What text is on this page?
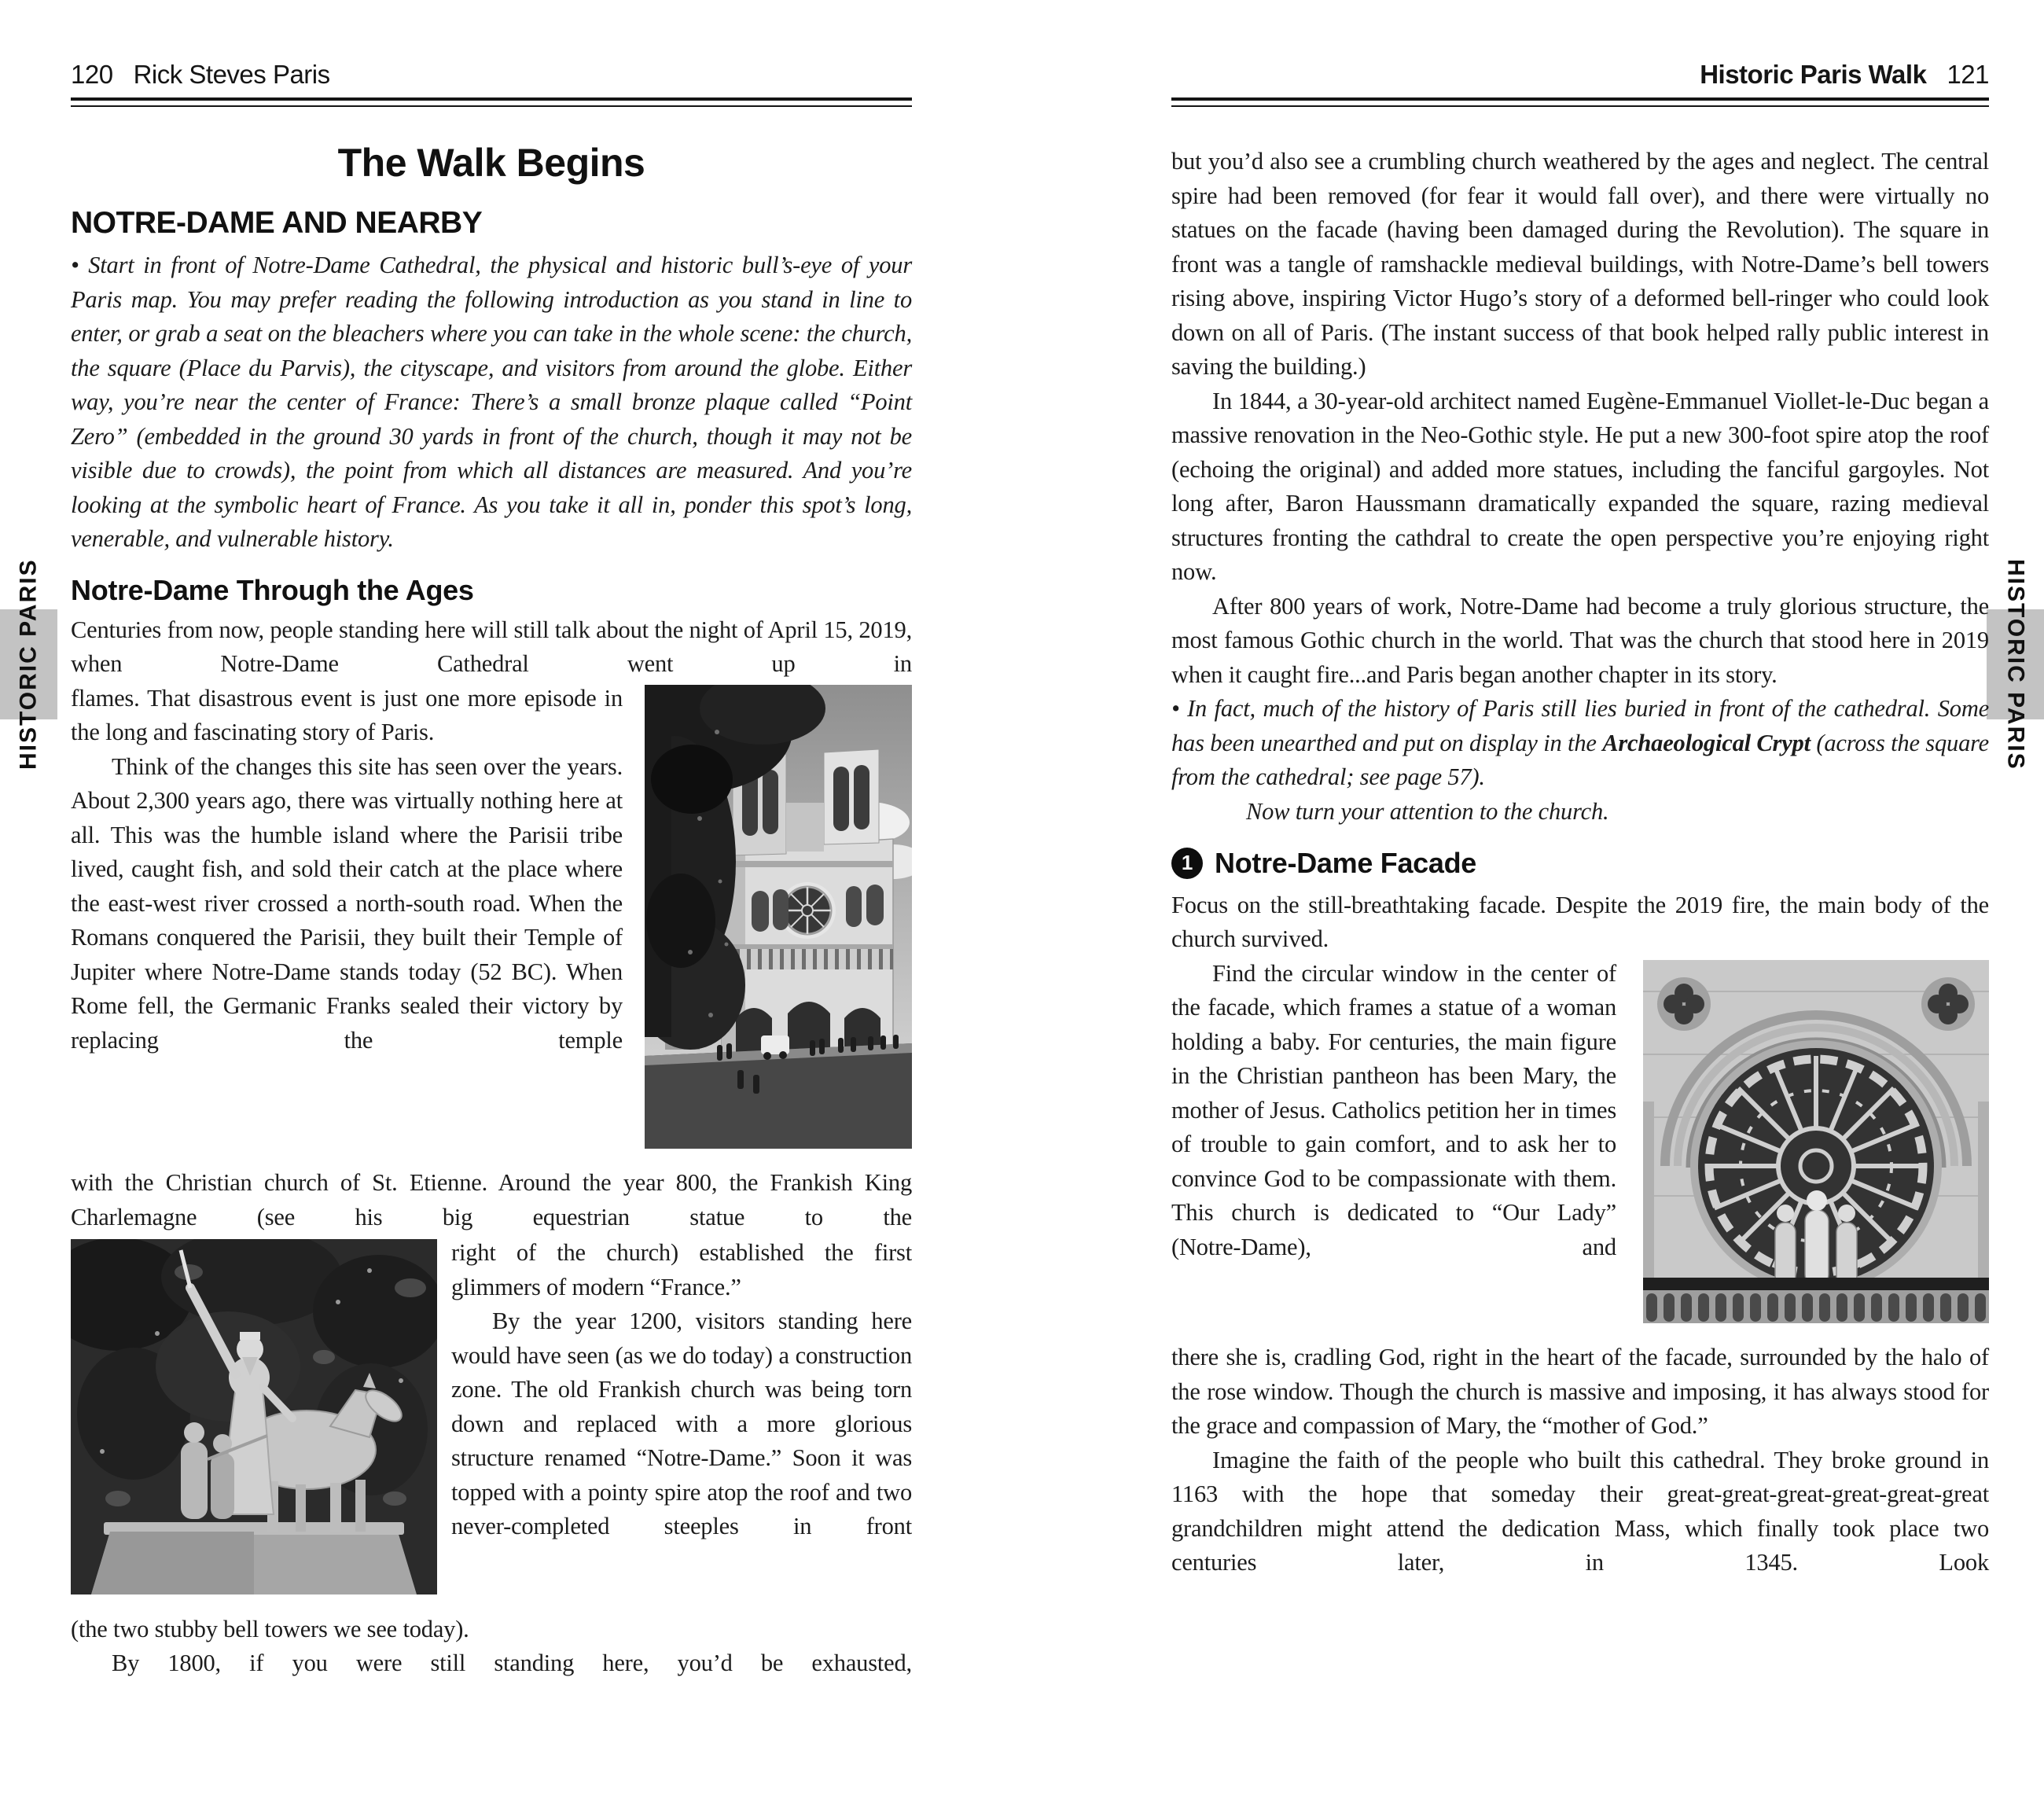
HISTORIC PARIS	HISTORIC PARIS
120 Rick Steves Paris
The Walk Begins
NOTRE-DAME AND NEARBY

• Start in front of Notre-Dame Cathedral, the physical and historic bull’s-eye of your Paris map. You may prefer reading the following introduction as you stand in line to enter, or grab a seat on the bleachers where you can take in the whole scene: the church, the square (Place du Parvis), the cityscape, and visitors from around the globe. Either way, you’re near the center of France: There’s a small bronze plaque called “Point Zero” (embedded in the ground 30 yards in front of the church, though it may not be visible due to crowds), the point from which all distances are measured. And you’re looking at the symbolic heart of France. As you take it all in, ponder this spot’s long, venerable, and vulnerable history.

Notre-Dame Through the Ages

Centuries from now, people standing here will still talk about the night of April 15, 2019, when Notre-Dame Cathedral went up in

flames. That disastrous event is just one more episode in the long and fascinating story of Paris.

Think of the changes this site has seen over the years. About 2,300 years ago, there was virtually nothing here at all. This was the humble island where the Parisii tribe lived, caught fish, and sold their catch at the place where the east-west river crossed a north-south road. When the Romans conquered the Parisii, they built their Temple of Jupiter where Notre-Dame stands today (52 BC). When Rome fell, the Germanic Franks sealed their victory by replacing the temple

with the Christian church of St. Etienne. Around the year 800, the Frankish King Charlemagne (see his big equestrian statue to the

right of the church) established the first glimmers of modern “France.”

By the year 1200, visitors standing here would have seen (as we do today) a construction zone. The old Frankish church was being torn down and replaced with a more glorious structure renamed “Notre-Dame.” Soon it was topped with a pointy spire atop the roof and two never-completed steeples in front

(the two stubby bell towers we see today).

By 1800, if you were still standing here, you’d be exhausted,

Historic Paris Walk 121

but you’d also see a crumbling church weathered by the ages and neglect. The central spire had been removed (for fear it would fall over), and there were virtually no statues on the facade (having been damaged during the Revolution). The square in front was a tangle of ramshackle medieval buildings, with Notre-Dame’s bell towers rising above, inspiring Victor Hugo’s story of a deformed bell-ringer who could look down on all of Paris. (The instant success of that book helped rally public interest in saving the building.)

In 1844, a 30-year-old architect named Eugène-Emmanuel Viollet-le-Duc began a massive renovation in the Neo-Gothic style. He put a new 300-foot spire atop the roof (echoing the original) and added more statues, including the fanciful gargoyles. Not long after, Baron Haussmann dramatically expanded the square, razing medieval structures fronting the cathdral to create the open perspective you’re enjoying right now.

After 800 years of work, Notre-Dame had become a truly glorious structure, the most famous Gothic church in the world. That was the church that stood here in 2019 when it caught fire...and Paris began another chapter in its story.

• In fact, much of the history of Paris still lies buried in front of the cathedral. Some has been unearthed and put on display in the Archaeological Crypt (across the square from the cathedral; see page 57).

Now turn your attention to the church.

1 Notre-Dame Facade

Focus on the still-breathtaking facade. Despite the 2019 fire, the main body of the church survived.

Find the circular window in the center of the facade, which frames a statue of a woman holding a baby. For centuries, the main figure in the Christian pantheon has been Mary, the mother of Jesus. Catholics petition her in times of trouble to gain comfort, and to ask her to convince God to be compassionate with them. This church is dedicated to “Our Lady” (Notre-Dame), and

there she is, cradling God, right in the heart of the facade, surrounded by the halo of the rose window. Though the church is massive and imposing, it has always stood for the grace and compassion of Mary, the “mother of God.”

Imagine the faith of the people who built this cathedral. They broke ground in 1163 with the hope that someday their great-great-great-great-great-great grandchildren might attend the dedication Mass, which finally took place two centuries later, in 1345. Look
